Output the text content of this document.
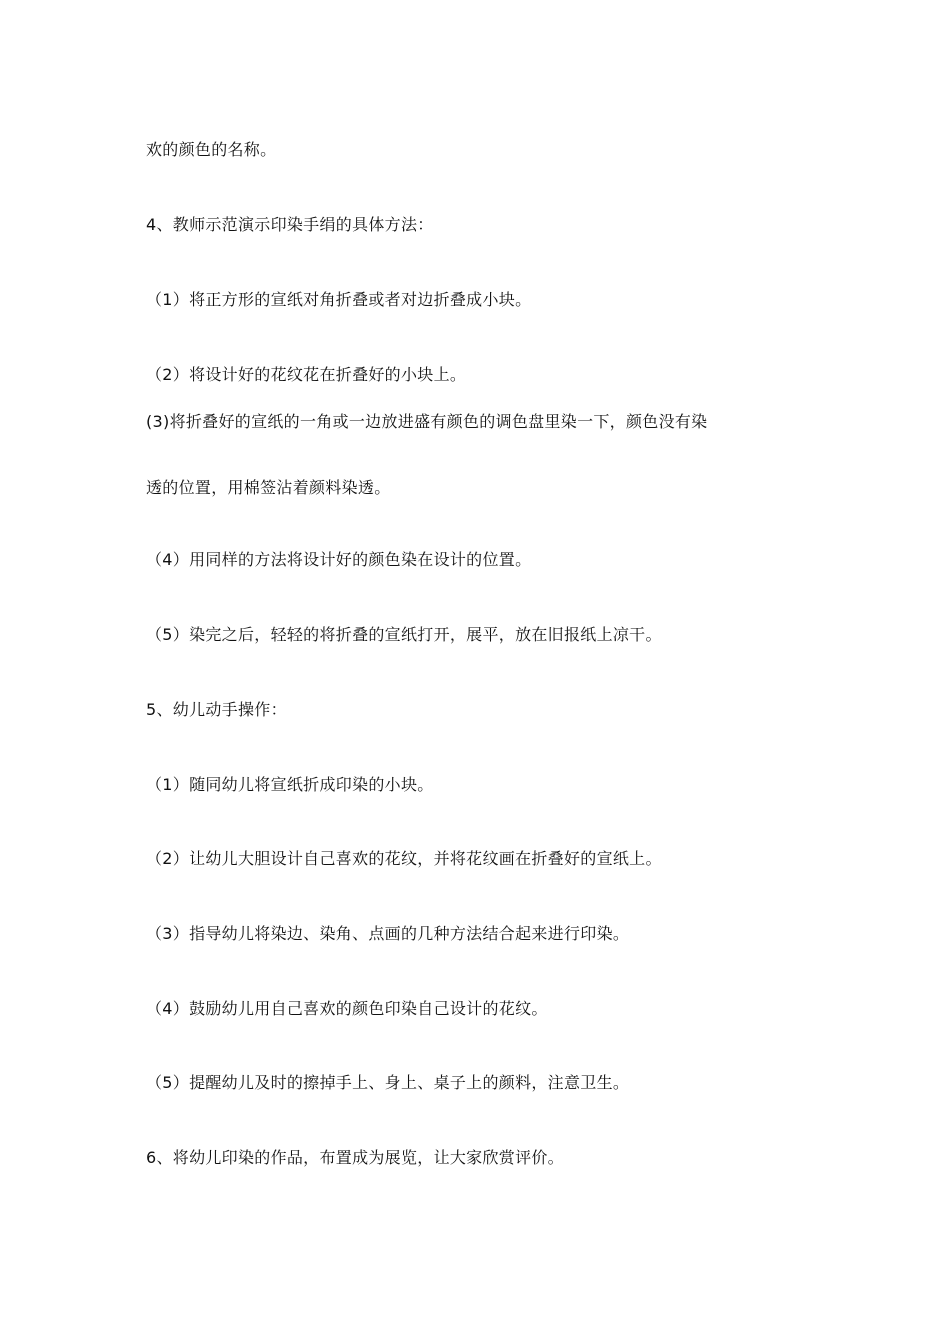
欢的颜色的名称。
4、教师示范演示印染手绢的具体方法：
（1）将正方形的宣纸对角折叠或者对边折叠成小块。
（2）将设计好的花纹花在折叠好的小块上。
(3)将折叠好的宣纸的一角或一边放进盛有颜色的调色盘里染一下，颜色没有染
透的位置，用棉签沾着颜料染透。
（4）用同样的方法将设计好的颜色染在设计的位置。
（5）染完之后，轻轻的将折叠的宣纸打开，展平，放在旧报纸上凉干。
5、幼儿动手操作：
（1）随同幼儿将宣纸折成印染的小块。
（2）让幼儿大胆设计自己喜欢的花纹，并将花纹画在折叠好的宣纸上。
（3）指导幼儿将染边、染角、点画的几种方法结合起来进行印染。
（4）鼓励幼儿用自己喜欢的颜色印染自己设计的花纹。
（5）提醒幼儿及时的擦掉手上、身上、桌子上的颜料，注意卫生。
6、将幼儿印染的作品，布置成为展览，让大家欣赏评价。
